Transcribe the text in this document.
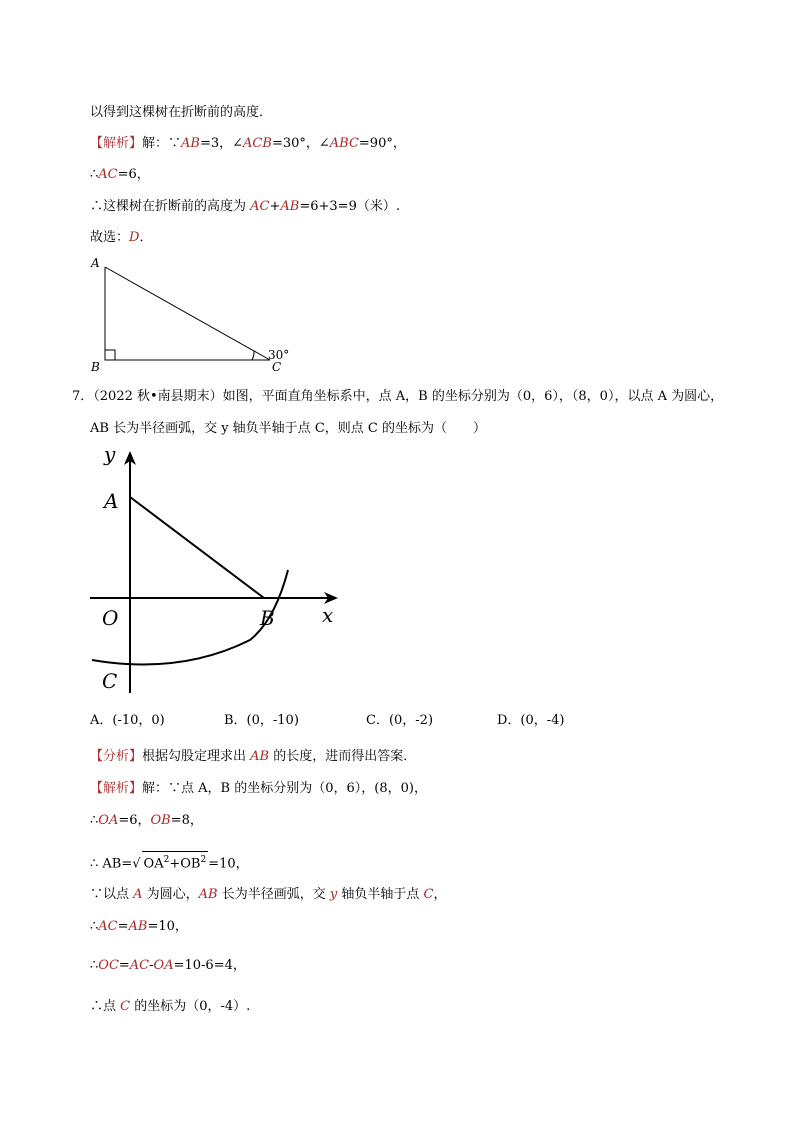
以得到这棵树在折断前的高度．
【解析】解：∵AB=3，∠ACB=30°，∠ABC=90°，
∴AC=6，
∴这棵树在折断前的高度为 AC+AB=6+3=9（米）.
故选：D．
A
B	C
30°
7．（2022 秋•南县期末）如图，平面直角坐标系中，点 A，B 的坐标分别为（0，6），（8，0），以点 A 为圆心，
AB 长为半径画弧，交 y 轴负半轴于点 C，则点 C 的坐标为（　　）
y
x
A
O	B
C
A．(-10，0)	B．(0，-10)	C．(0，-2)	D．(0，-4)
【分析】根据勾股定理求出 AB 的长度，进而得出答案．
【解析】解：∵点 A，B 的坐标分别为（0，6），(8，0)，
∴OA=6，OB=8，
∴ AB=√ $OA^2+OB^2 =10$，
∵以点 A 为圆心，AB 长为半径画弧，交 y 轴负半轴于点 C，
∴AC=AB=10，
∴OC=AC-OA=10-6=4，
∴点 C 的坐标为（0，-4）.
